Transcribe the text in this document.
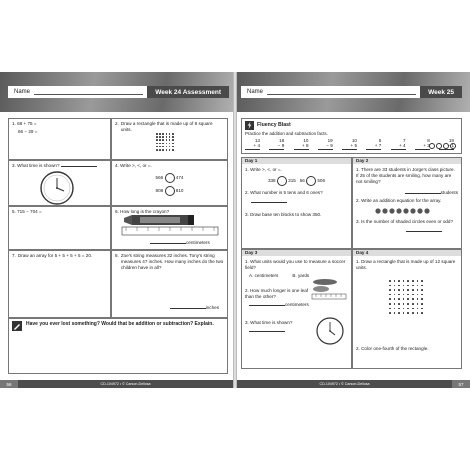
Name	Week 24 Assessment
1. 68 + 75 =
66 − 29 =
2. Draw a rectangle that is made up of 8 square units.
3. What time is shown?	4. Write >, <, or =.
566	474
808	810
5. 715 − 704 =	6. How long is the crayon?
centimeters
7. Draw an array for 5 + 5 + 5 + 5 = 20.	8. Zoe's string measures 32 inches. Tony's string measures 47 inches. How many inches do the two children have in all?
inches
Have you ever lost something? Would that be addition or subtraction? Explain.
56	CD-104972 • © Carson-Dellosa
Name	Week 25
Fluency Blast
Practice the addition and subtraction facts.
13
+ 4
18
− 9
10
+ 8
19
− 9
10
+ 5
5
+ 7
7
+ 4
8
+ 3
19
− 1
Day 1
1. Write >, <, or =.
338	315 56	506
2. What number is 5 tens and 6 ones?
3. Draw base ten blocks to show 350.
Day 2
1. There are 33 students in Jorge's class picture. If 25 of the students are smiling, how many are not smiling?
students
2. Write an addition equation for the array.
3. Is the number of shaded circles even or odd?
Day 3
1. What units would you use to measure a soccer field?
A. centimeters	B. yards
2. How much longer is one leaf than the other?
centimeters
3. What time is shown?
Day 4
1. Draw a rectangle that is made up of 12 square units.
2. Color one-fourth of the rectangle.
CD-104972 • © Carson-Dellosa	57
